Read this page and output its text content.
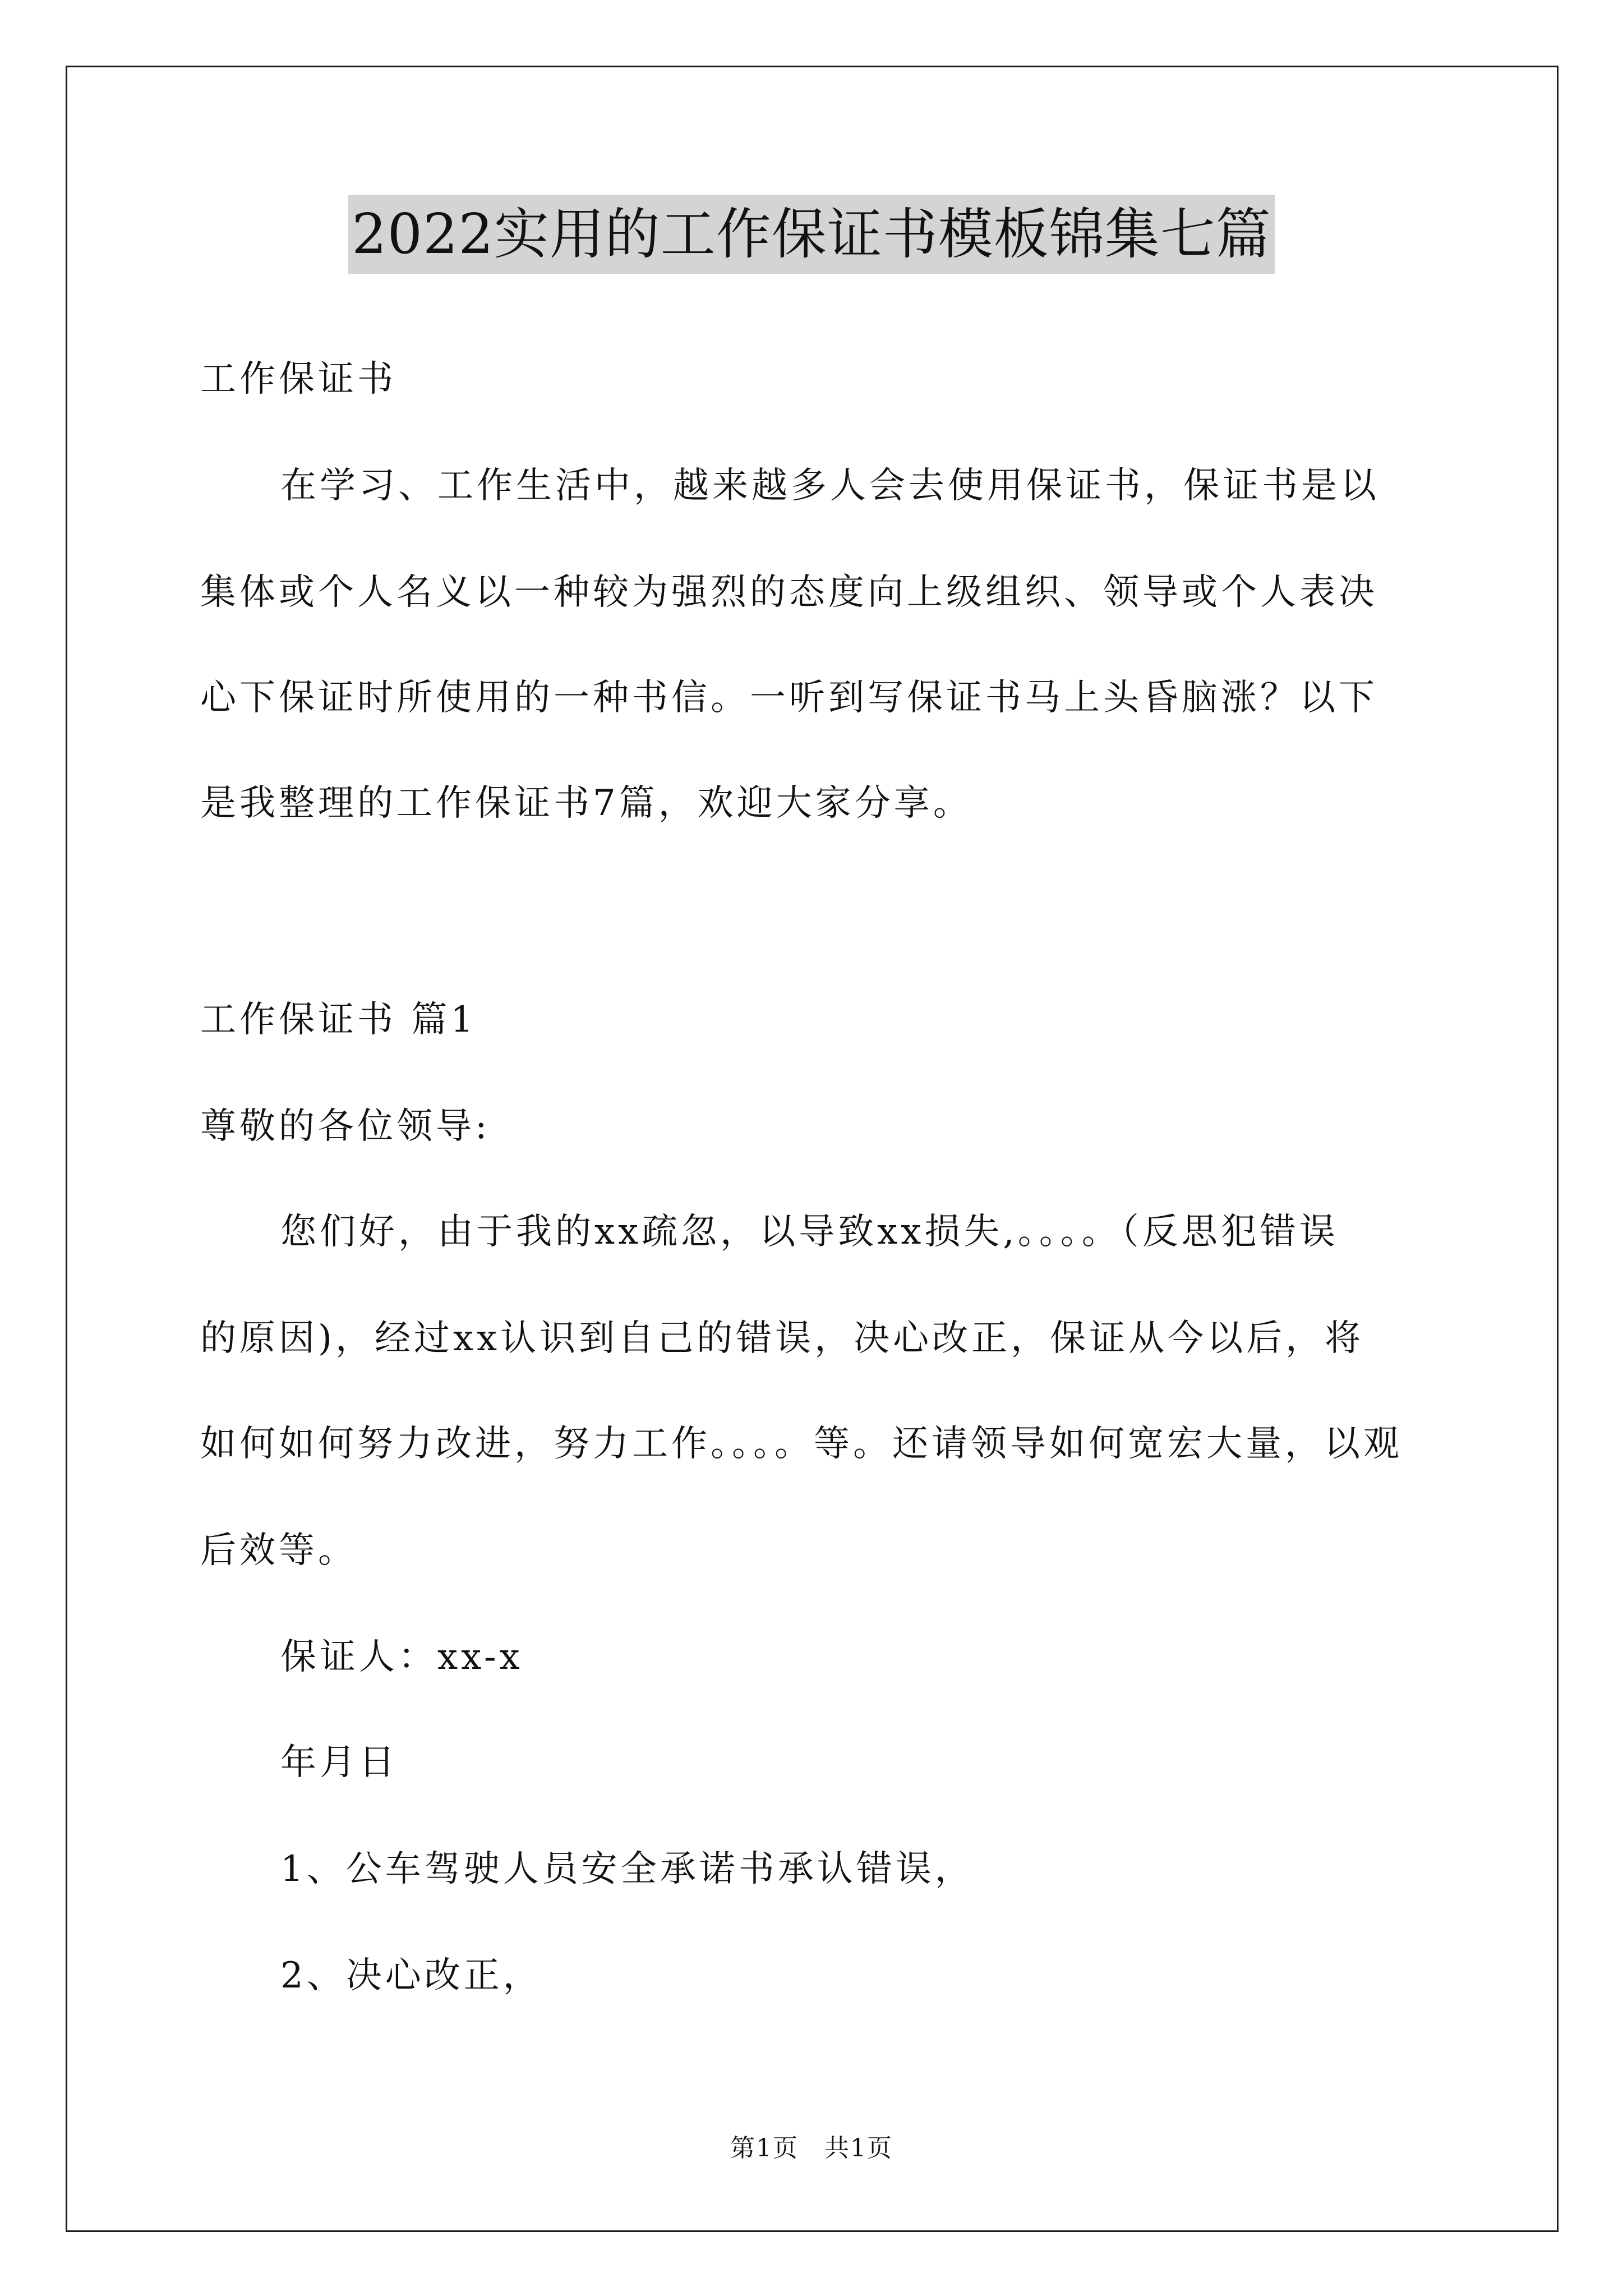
2022实用的工作保证书模板锦集七篇
工作保证书
在学习、工作生活中，越来越多人会去使用保证书，保证书是以
集体或个人名义以一种较为强烈的态度向上级组织、领导或个人表决
心下保证时所使用的一种书信。一听到写保证书马上头昏脑涨？以下
是我整理的工作保证书7篇，欢迎大家分享。
工作保证书 篇1
尊敬的各位领导:
您们好，由于我的xx疏忽，以导致xx损失,。。。。（反思犯错误
的原因)，经过xx认识到自己的错误，决心改正，保证从今以后，将
如何如何努力改进，努力工作。。。。等。还请领导如何宽宏大量，以观
后效等。
保证人：xx-x
年月日
1、公车驾驶人员安全承诺书承认错误，
2、决心改正，
第1页　共1页
